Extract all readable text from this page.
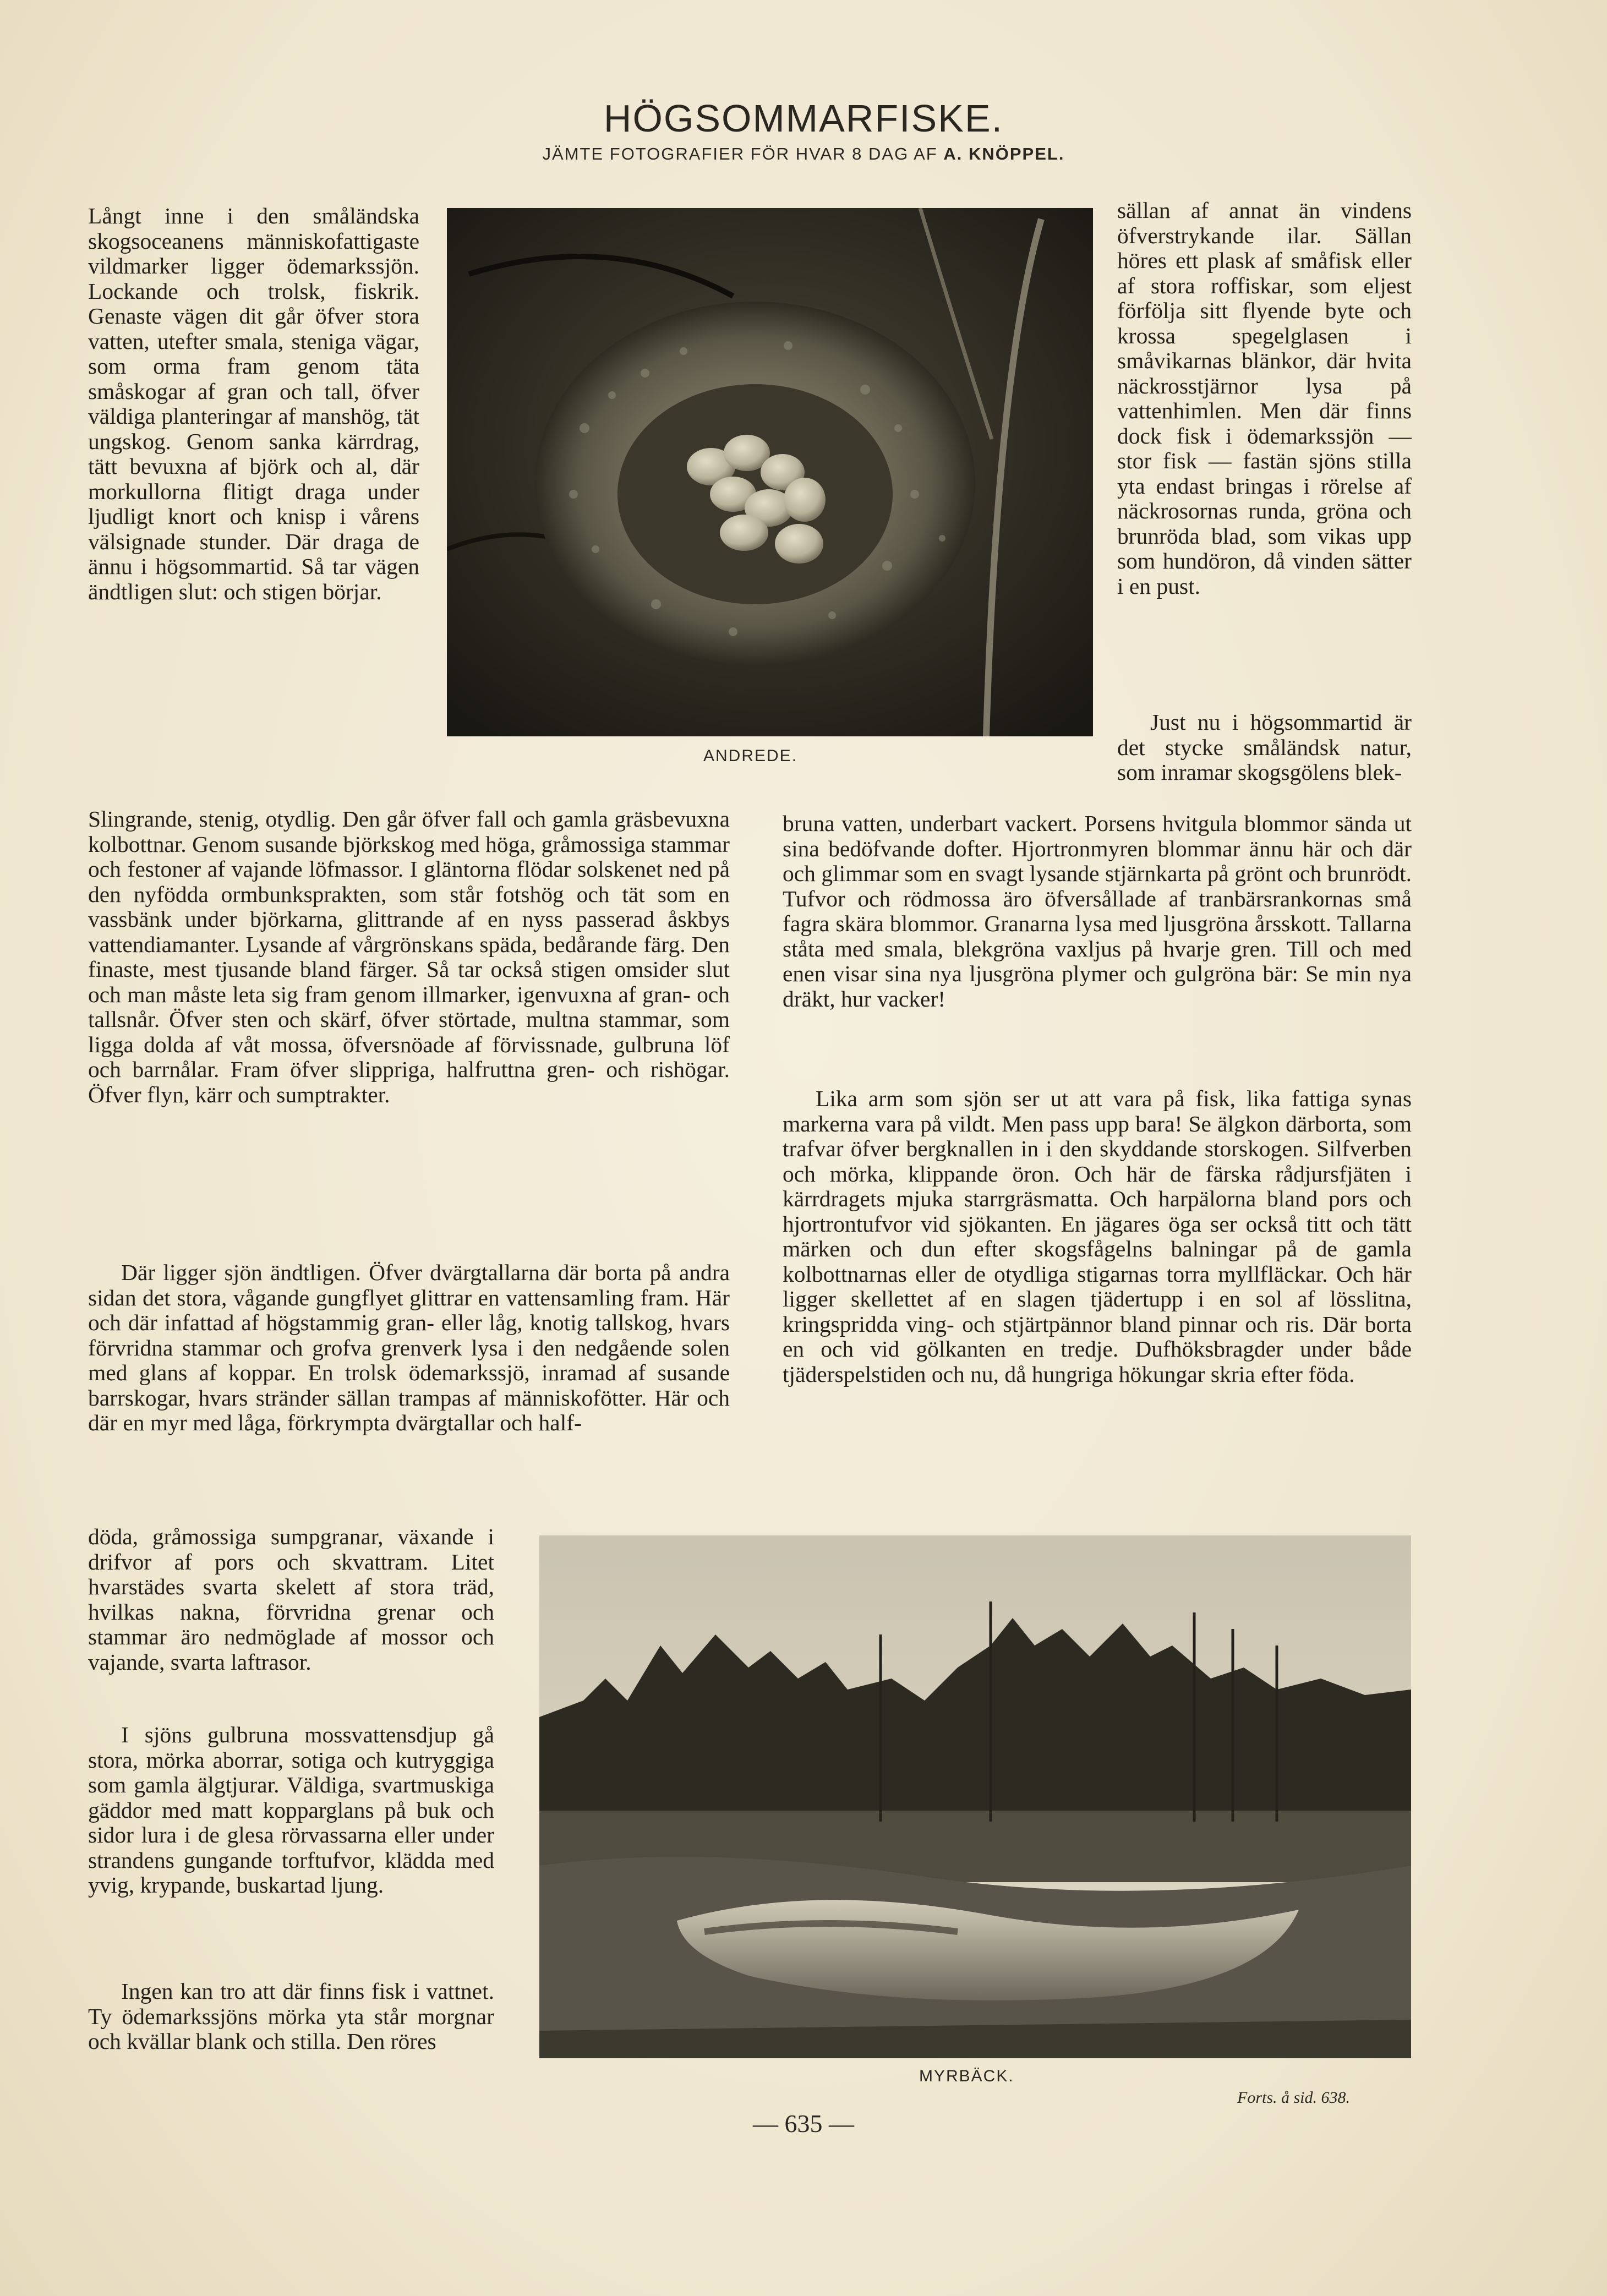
HÖGSOMMARFISKE.
JÄMTE FOTOGRAFIER FÖR HVAR 8 DAG AF A. KNÖPPEL.
ANDREDE.
MYRBÄCK.

Långt inne i den småländska skogsoceanens människofattigaste vildmarker ligger ödemarkssjön. Lockande och trolsk, fiskrik. Genaste vägen dit går öfver stora vatten, utefter smala, steniga vägar, som orma fram genom täta småskogar af gran och tall, öfver väldiga planteringar af manshög, tät ungskog. Genom sanka kärrdrag, tätt bevuxna af björk och al, där morkullorna flitigt draga under ljudligt knort och knisp i vårens välsignade stunder. Där draga de ännu i högsommartid. Så tar vägen ändtligen slut: och stigen börjar.

Slingrande, stenig, otydlig. Den går öfver fall och gamla gräsbevuxna kolbottnar. Genom susande björkskog med höga, gråmossiga stammar och festoner af vajande löfmassor. I gläntorna flödar solskenet ned på den nyfödda ormbunksprakten, som står fotshög och tät som en vassbänk under björkarna, glittrande af en nyss passerad åskbys vattendiamanter. Lysande af vårgrönskans späda, bedårande färg. Den finaste, mest tjusande bland färger. Så tar också stigen omsider slut och man måste leta sig fram genom illmarker, igenvuxna af gran- och tallsnår. Öfver sten och skärf, öfver störtade, multna stammar, som ligga dolda af våt mossa, öfversnöade af förvissnade, gulbruna löf och barrnålar. Fram öfver slippriga, halfruttna gren- och rishögar. Öfver flyn, kärr och sumptrakter.

Där ligger sjön ändtligen. Öfver dvärgtallarna där borta på andra sidan det stora, vågande gungflyet glittrar en vattensamling fram. Här och där infattad af högstammig gran- eller låg, knotig tallskog, hvars förvridna stammar och grofva grenverk lysa i den nedgående solen med glans af koppar. En trolsk ödemarkssjö, inramad af susande barrskogar, hvars stränder sällan trampas af människofötter. Här och där en myr med låga, förkrympta dvärgtallar och half-

döda, gråmossiga sumpgranar, växande i drifvor af pors och skvattram. Litet hvarstädes svarta skelett af stora träd, hvilkas nakna, förvridna grenar och stammar äro nedmöglade af mossor och vajande, svarta laftrasor.

I sjöns gulbruna mossvattensdjup gå stora, mörka aborrar, sotiga och kutryggiga som gamla älgtjurar. Väldiga, svartmuskiga gäddor med matt kopparglans på buk och sidor lura i de glesa rörvassarna eller under strandens gungande torftufvor, klädda med yvig, krypande, buskartad ljung.

Ingen kan tro att där finns fisk i vattnet. Ty ödemarkssjöns mörka yta står morgnar och kvällar blank och stilla. Den röres

sällan af annat än vindens öfverstrykande ilar. Sällan höres ett plask af småfisk eller af stora roffiskar, som eljest förfölja sitt flyende byte och krossa spegelglasen i småvikarnas blänkor, där hvita näckrosstjärnor lysa på vattenhimlen. Men där finns dock fisk i ödemarkssjön — stor fisk — fastän sjöns stilla yta endast bringas i rörelse af näckrosornas runda, gröna och brunröda blad, som vikas upp som hundöron, då vinden sätter i en pust.

Just nu i högsommartid är det stycke småländsk natur, som inramar skogsgölens blek-

bruna vatten, underbart vackert. Porsens hvitgula blommor sända ut sina bedöfvande dofter. Hjortronmyren blommar ännu här och där och glimmar som en svagt lysande stjärnkarta på grönt och brunrödt. Tufvor och rödmossa äro öfversållade af tranbärsrankornas små fagra skära blommor. Granarna lysa med ljusgröna årsskott. Tallarna ståta med smala, blekgröna vaxljus på hvarje gren. Till och med enen visar sina nya ljusgröna plymer och gulgröna bär: Se min nya dräkt, hur vacker!

Lika arm som sjön ser ut att vara på fisk, lika fattiga synas markerna vara på vildt. Men pass upp bara! Se älgkon därborta, som trafvar öfver bergknallen in i den skyddande storskogen. Silfverben och mörka, klippande öron. Och här de färska rådjursfjäten i kärrdragets mjuka starrgräsmatta. Och harpälorna bland pors och hjortrontufvor vid sjökanten. En jägares öga ser också titt och tätt märken och dun efter skogsfågelns balningar på de gamla kolbottnarnas eller de otydliga stigarnas torra myllfläckar. Och här ligger skellettet af en slagen tjädertupp i en sol af lösslitna, kringspridda ving- och stjärtpännor bland pinnar och ris. Där borta en och vid gölkanten en tredje. Dufhöksbragder under både tjäderspelstiden och nu, då hungriga hökungar skria efter föda.

— 635 —
Forts. å sid. 638.
